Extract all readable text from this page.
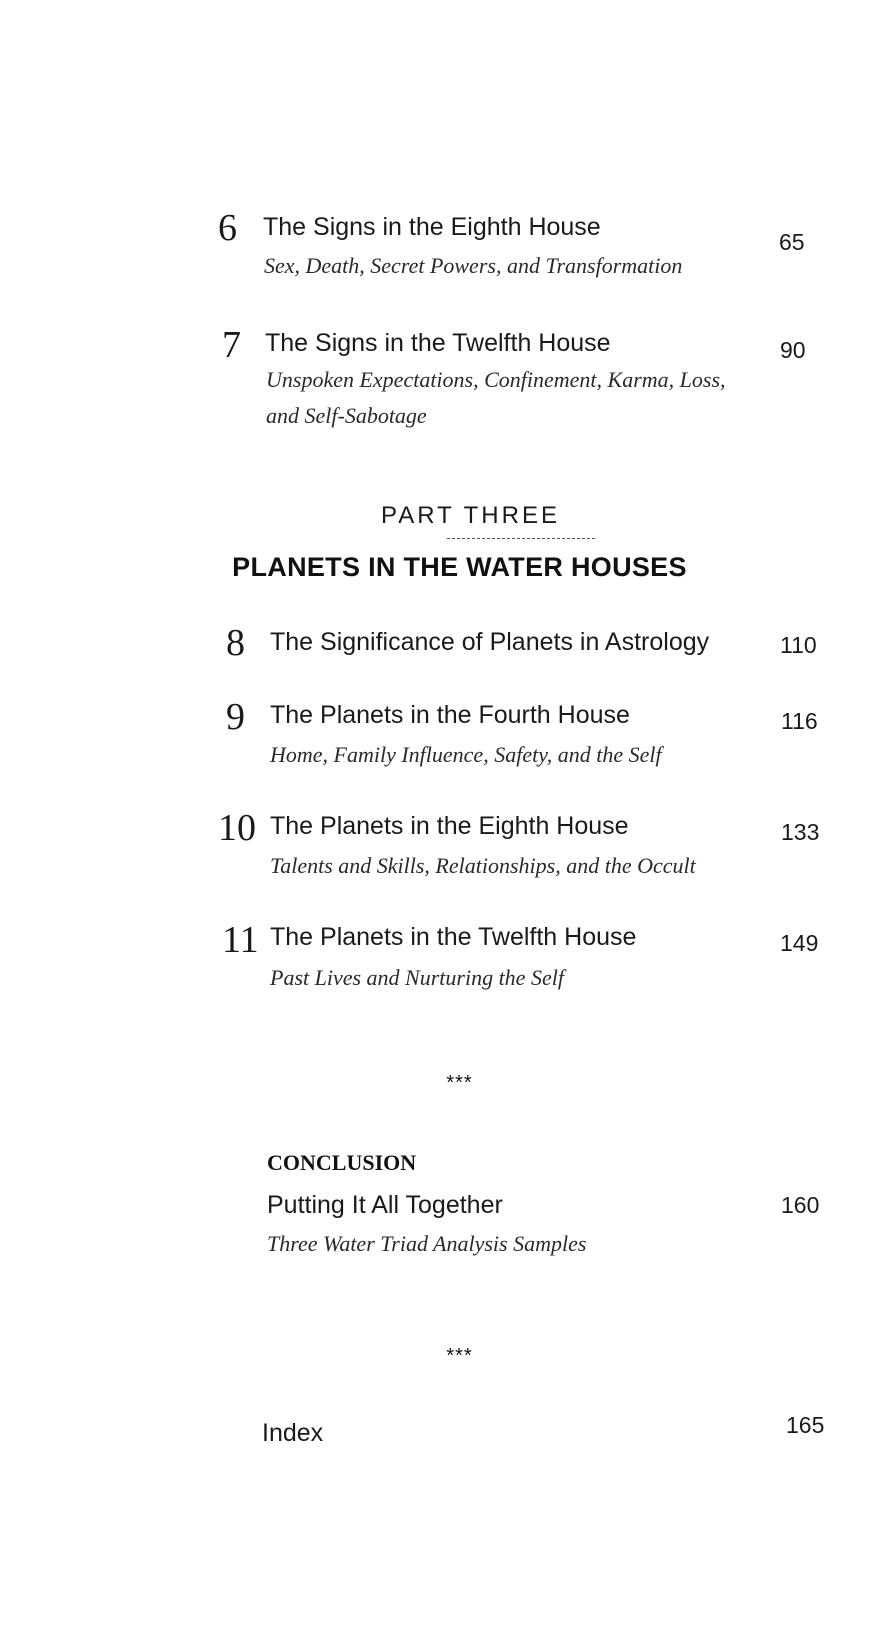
6 The Signs in the Eighth House
Sex, Death, Secret Powers, and Transformation
65
7 The Signs in the Twelfth House
Unspoken Expectations, Confinement, Karma, Loss, and Self-Sabotage
90
PART THREE
PLANETS IN THE WATER HOUSES
8 The Significance of Planets in Astrology	110
9 The Planets in the Fourth House
Home, Family Influence, Safety, and the Self
116
10 The Planets in the Eighth House
Talents and Skills, Relationships, and the Occult
133
11 The Planets in the Twelfth House
Past Lives and Nurturing the Self
149
***
CONCLUSION
Putting It All Together
Three Water Triad Analysis Samples
160
***
Index	165
